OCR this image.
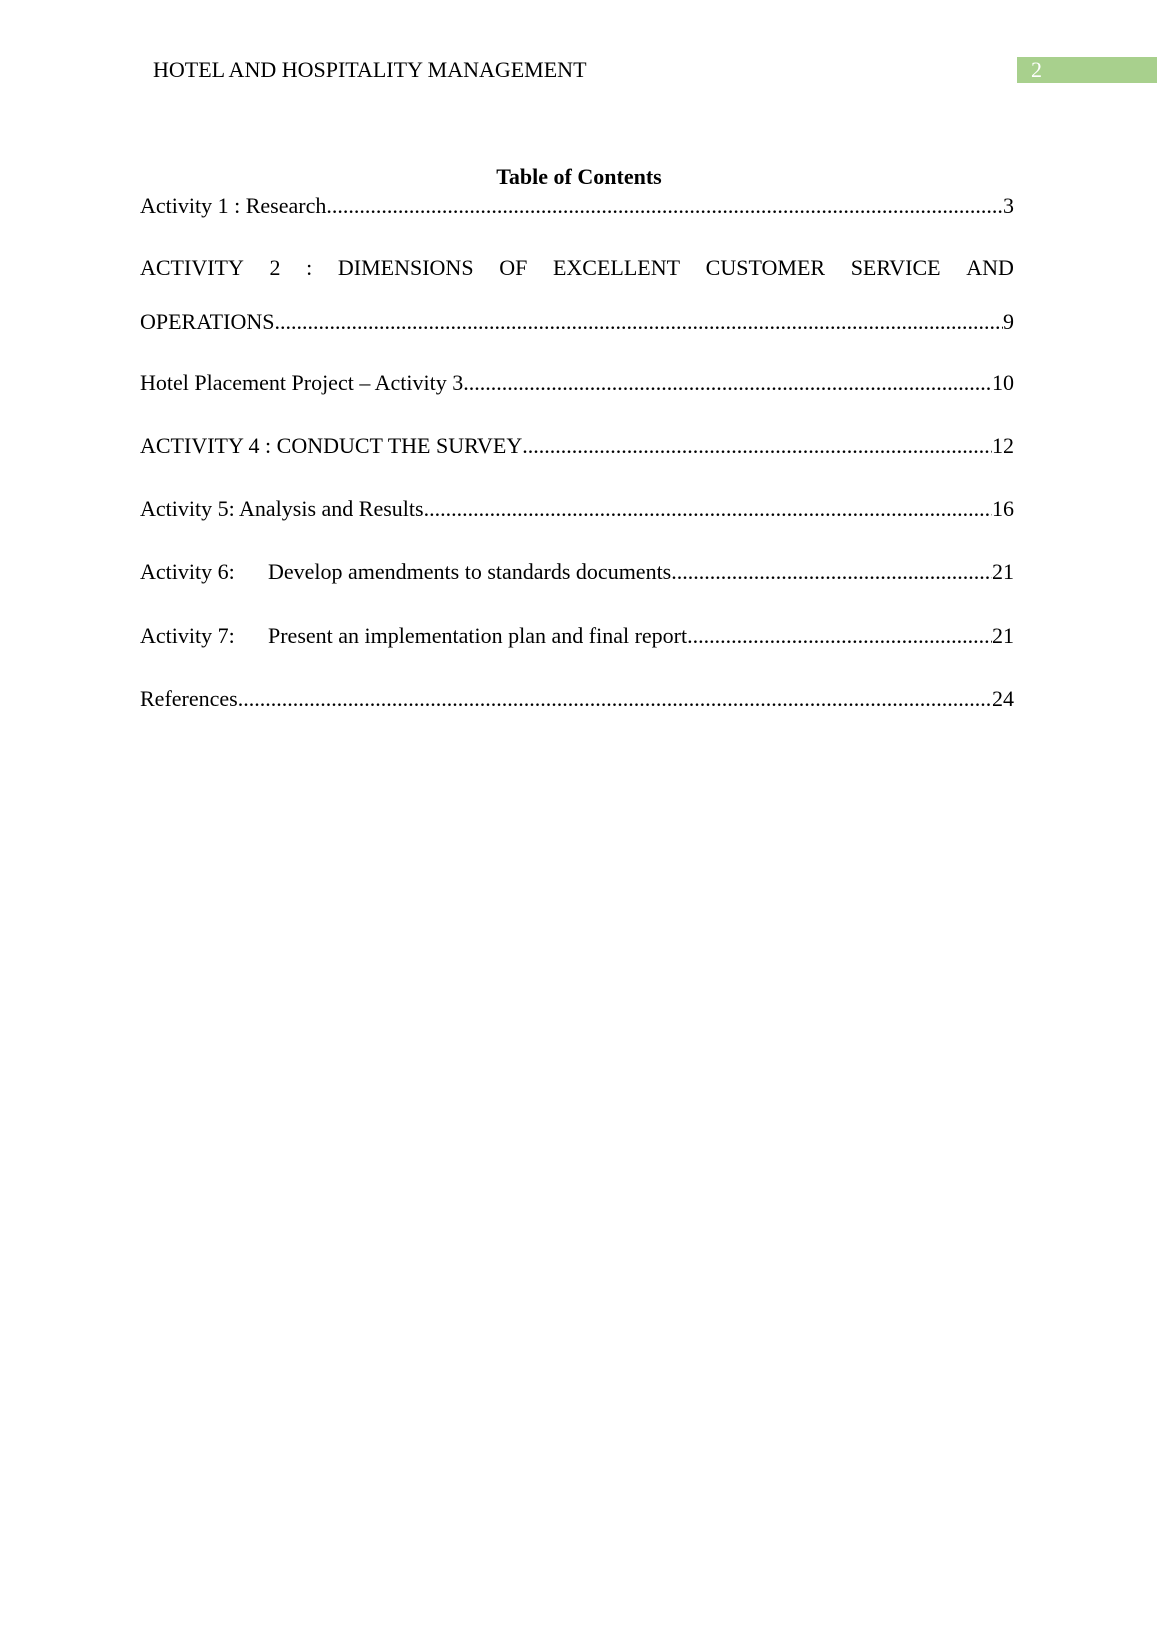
HOTEL AND HOSPITALITY MANAGEMENT	2
Table of Contents
Activity 1 : Research .....	3
ACTIVITY 2 : DIMENSIONS OF EXCELLENT CUSTOMER SERVICE AND
OPERATIONS .....	9
Hotel Placement Project – Activity 3 .....	10
ACTIVITY 4 : CONDUCT THE SURVEY .....	12
Activity 5: Analysis and Results .....	16
Activity 6: Develop amendments to standards documents .....	21
Activity 7: Present an implementation plan and final report .....	21
References .....	24
